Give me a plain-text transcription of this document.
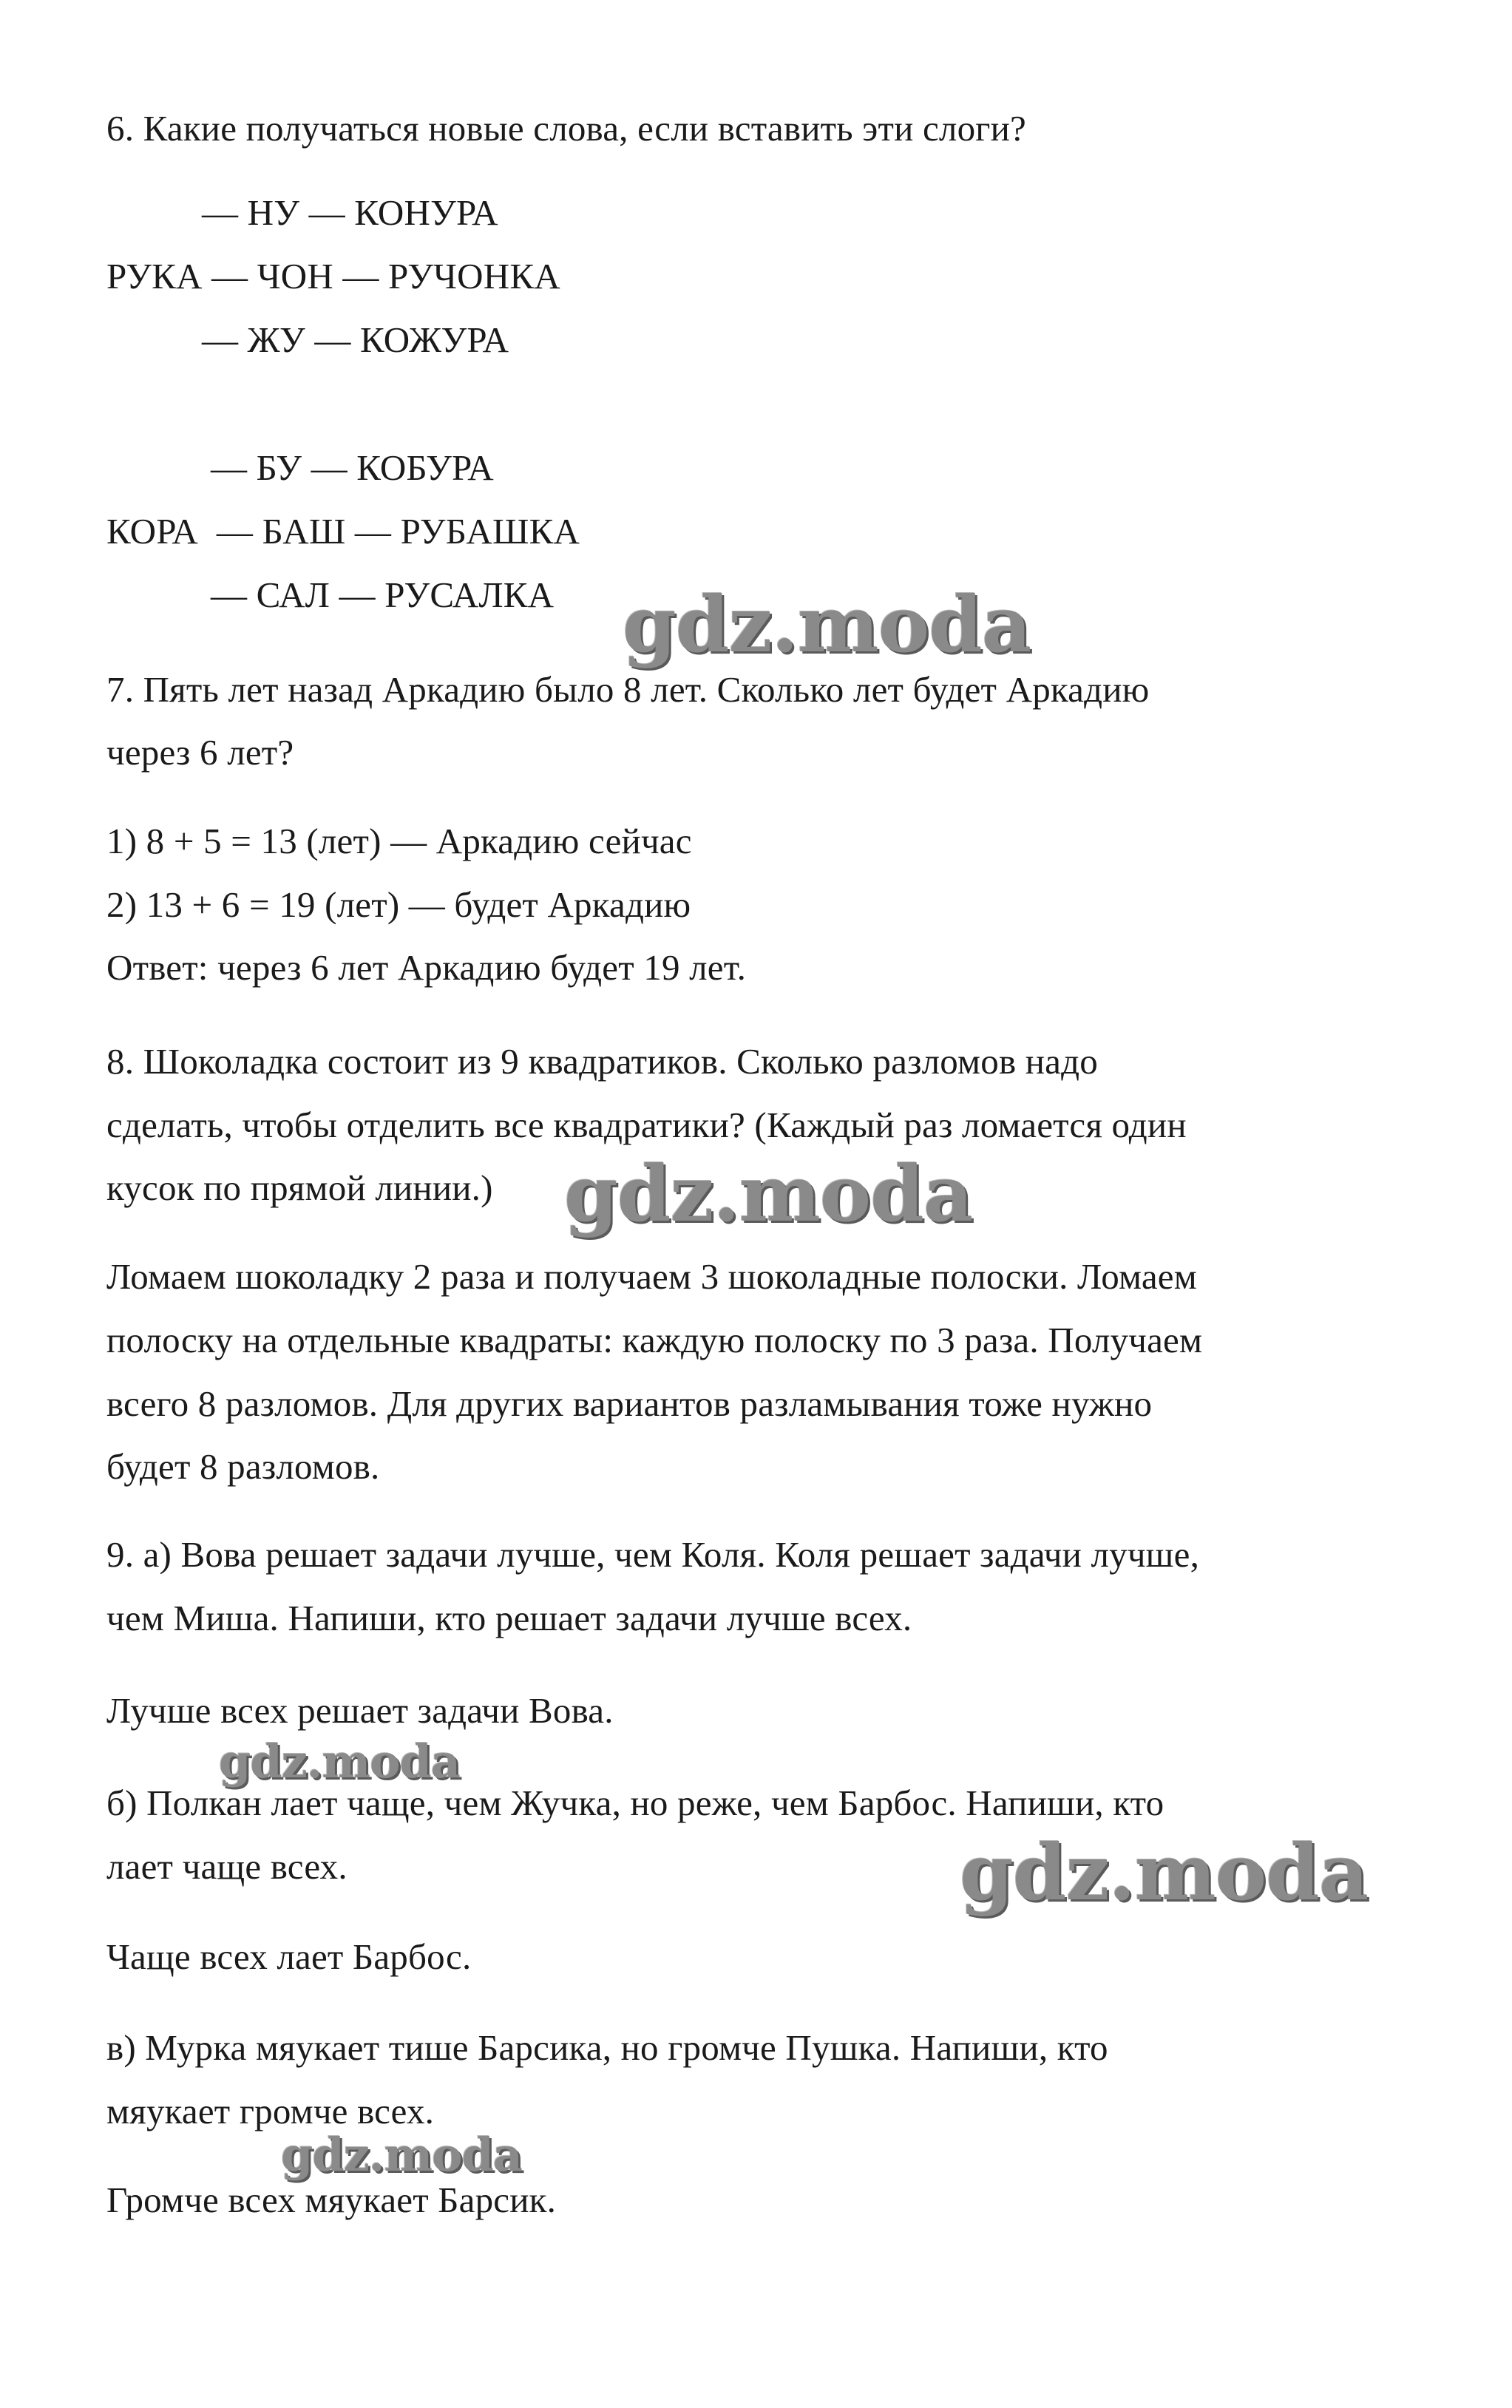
6. Какие получаться новые слова, если вставить эти слоги?
— НУ — КОНУРА
РУКА — ЧОН — РУЧОНКА
— ЖУ — КОЖУРА
— БУ — КОБУРА
КОРА  — БАШ — РУБАШКА
— САЛ — РУСАЛКА
7. Пять лет назад Аркадию было 8 лет. Сколько лет будет Аркадию
через 6 лет?
1) 8 + 5 = 13 (лет) — Аркадию сейчас
2) 13 + 6 = 19 (лет) — будет Аркадию
Ответ: через 6 лет Аркадию будет 19 лет.
8. Шоколадка состоит из 9 квадратиков. Сколько разломов надо
сделать, чтобы отделить все квадратики? (Каждый раз ломается один
кусок по прямой линии.)
Ломаем шоколадку 2 раза и получаем 3 шоколадные полоски. Ломаем
полоску на отдельные квадраты: каждую полоску по 3 раза. Получаем
всего 8 разломов. Для других вариантов разламывания тоже нужно
будет 8 разломов.
9. а) Вова решает задачи лучше, чем Коля. Коля решает задачи лучше,
чем Миша. Напиши, кто решает задачи лучше всех.
Лучше всех решает задачи Вова.
б) Полкан лает чаще, чем Жучка, но реже, чем Барбос. Напиши, кто
лает чаще всех.
Чаще всех лает Барбос.
в) Мурка мяукает тише Барсика, но громче Пушка. Напиши, кто
мяукает громче всех.
Громче всех мяукает Барсик.
gdz.moda
gdz.moda
gdz.moda
gdz.moda
gdz.moda
